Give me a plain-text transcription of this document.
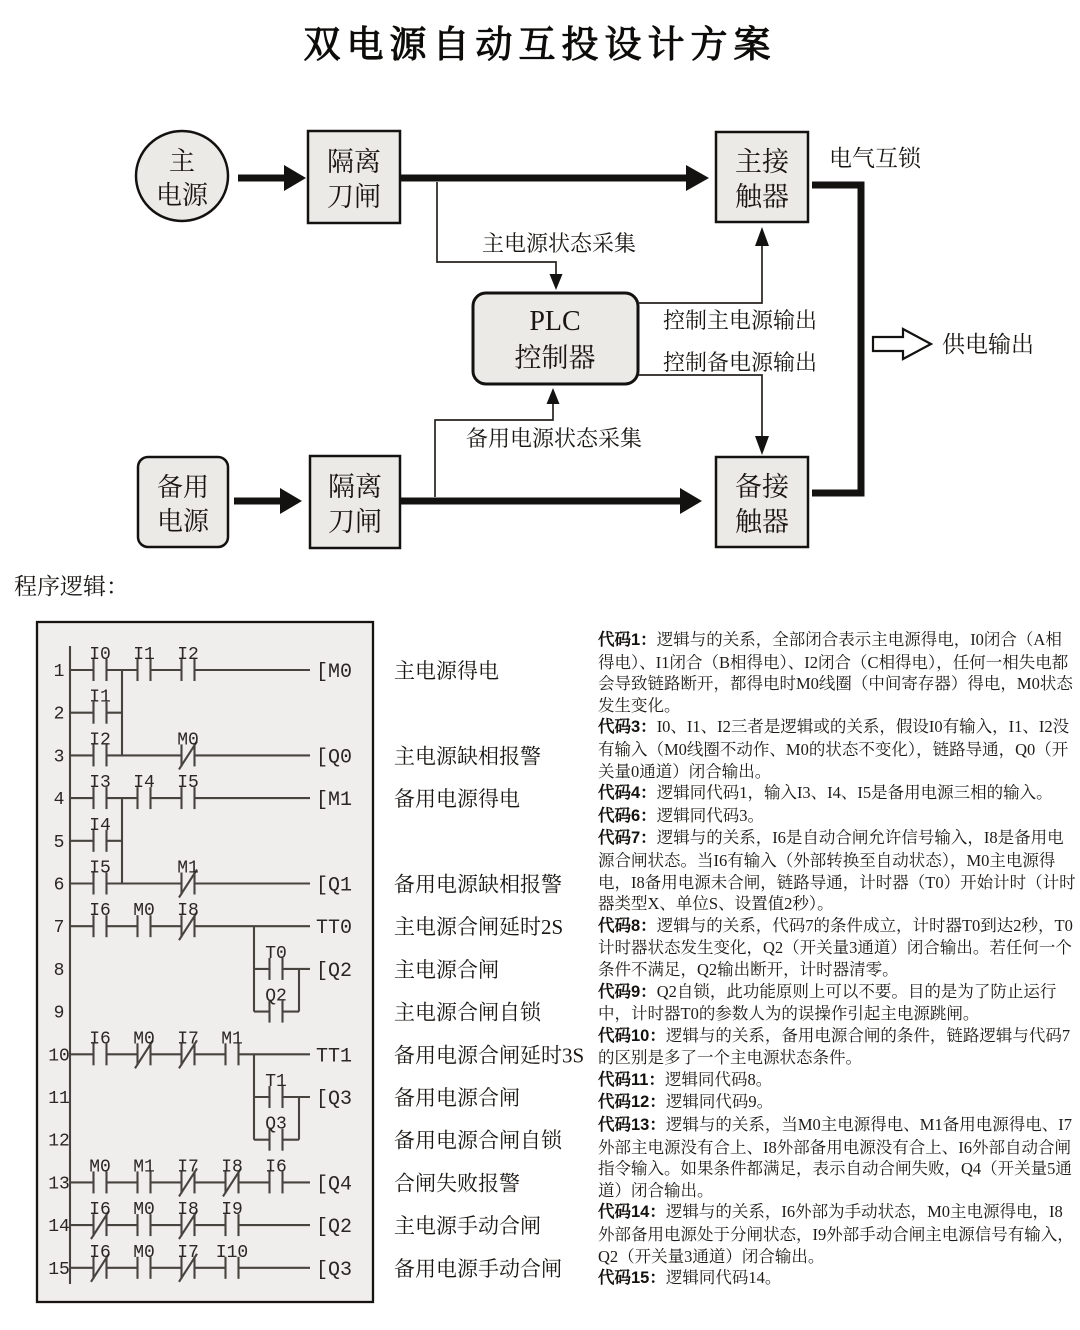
双电源自动互投设计方案
主
电源
隔离
刀闸
主接
触器
电气互锁
供电输出
主电源状态采集
PLC
控制器
控制主电源输出
控制备电源输出
备用电源状态采集
备用
电源
隔离
刀闸
备接
触器
1
I0 I1 I2
[M0 主电源得电
2
I1
3
I2	M0
[Q0 主电源缺相报警
4
I3 I4 I5
[M1 备用电源得电
5
I4
6
I5	M1
[Q1 备用电源缺相报警
7
I6 M0 I8
TT0 主电源合闸延时2S
8
T0
[Q2 主电源合闸
9
Q2
主电源合闸自锁
10
I6 M0 I7 M1
TT1 备用电源合闸延时3S
11
T1
[Q3 备用电源合闸
12
Q3
备用电源合闸自锁
13
M0 M1 I7 I8 I6
[Q4 合闸失败报警
14
I6 M0 I8 I9
[Q2 主电源手动合闸
15
I6 M0 I7 I10
[Q3 备用电源手动合闸
程序逻辑：

代码1：逻辑与的关系，全部闭合表示主电源得电，I0闭合（A相得电）、I1闭合（B相得电）、I2闭合（C相得电），任何一相失电都会导致链路断开，都得电时M0线圈（中间寄存器）得电，M0状态发生变化。

代码3：I0、I1、I2三者是逻辑或的关系，假设I0有输入，I1、I2没有输入（M0线圈不动作、M0的状态不变化），链路导通，Q0（开关量0通道）闭合输出。

代码4：逻辑同代码1，输入I3、I4、I5是备用电源三相的输入。

代码6：逻辑同代码3。

代码7：逻辑与的关系，I6是自动合闸允许信号输入，I8是备用电源合闸状态。当I6有输入（外部转换至自动状态），M0主电源得电，I8备用电源未合闸，链路导通，计时器（T0）开始计时（计时器类型X、单位S、设置值2秒）。

代码8：逻辑与的关系，代码7的条件成立，计时器T0到达2秒，T0计时器状态发生变化，Q2（开关量3通道）闭合输出。若任何一个条件不满足，Q2输出断开，计时器清零。

代码9：Q2自锁，此功能原则上可以不要。目的是为了防止运行中，计时器T0的参数人为的误操作引起主电源跳闸。

代码10：逻辑与的关系，备用电源合闸的条件，链路逻辑与代码7的区别是多了一个主电源状态条件。

代码11：逻辑同代码8。

代码12：逻辑同代码9。

代码13：逻辑与的关系，当M0主电源得电、M1备用电源得电、I7外部主电源没有合上、I8外部备用电源没有合上、I6外部自动合闸指令输入。如果条件都满足，表示自动合闸失败，Q4（开关量5通道）闭合输出。

代码14：逻辑与的关系，I6外部为手动状态，M0主电源得电，I8外部备用电源处于分闸状态，I9外部手动合闸主电源信号有输入，Q2（开关量3通道）闭合输出。

代码15：逻辑同代码14。
